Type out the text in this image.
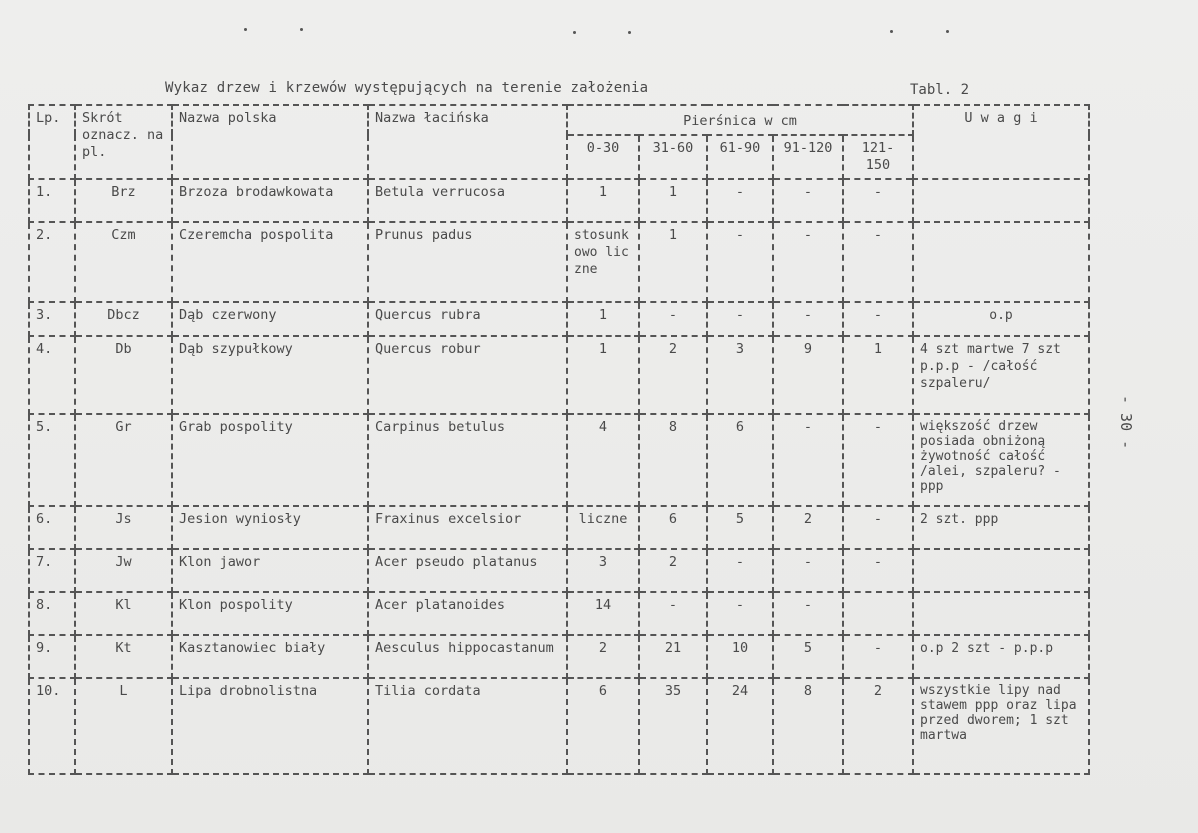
Wykaz drzew i krzewów występujących na terenie założenia	Tabl. 2
- 30 -
Lp.	Skrót oznacz. na pl.	Nazwa polska	Nazwa łacińska	Pierśnica w cm					U w a g i
				0-30	31-60	61-90	91-120	121-150	
1.	Brz	Brzoza brodawkowata	Betula verrucosa	1	1	-	-	-	
2.	Czm	Czeremcha pospolita	Prunus padus	stosunkowo liczne	1	-	-	-	
3.	Dbcz	Dąb czerwony	Quercus rubra	1	-	-	-	-	o.p
4.	Db	Dąb szypułkowy	Quercus robur	1	2	3	9	1	4 szt martwe 7 szt p.p.p - /całość szpaleru/
5.	Gr	Grab pospolity	Carpinus betulus	4	8	6	-	-	większość drzew posiada obniżoną żywotność całość /alei, szpaleru? - ppp
6.	Js	Jesion wyniosły	Fraxinus excelsior	liczne	6	5	2	-	2 szt. ppp
7.	Jw	Klon jawor	Acer pseudo platanus	3	2	-	-	-	
8.	Kl	Klon pospolity	Acer platanoides	14	-	-	-		
9.	Kt	Kasztanowiec biały	Aesculus hippocastanum	2	21	10	5	-	o.p 2 szt - p.p.p
10.	L	Lipa drobnolistna	Tilia cordata	6	35	24	8	2	wszystkie lipy nad stawem ppp oraz lipa przed dworem; 1 szt martwa
